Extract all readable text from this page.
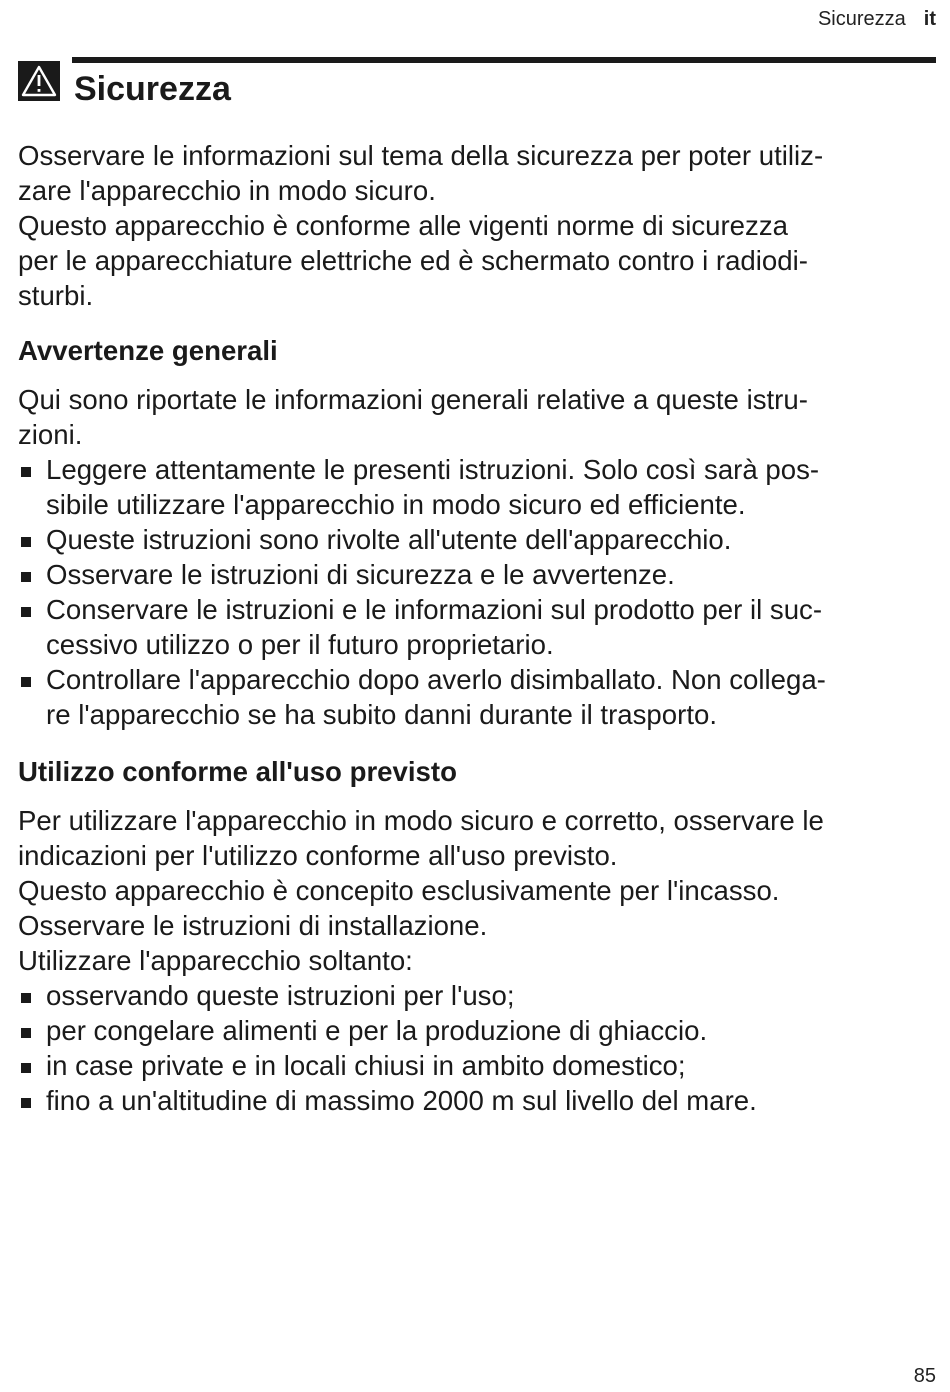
Sicurezza it
Sicurezza

Osservare le informazioni sul tema della sicurezza per poter utiliz-

zare l'apparecchio in modo sicuro.

Questo apparecchio è conforme alle vigenti norme di sicurezza

per le apparecchiature elettriche ed è schermato contro i radiodi-

sturbi.

Avvertenze generali

Qui sono riportate le informazioni generali relative a queste istru-

zioni.

Leggere attentamente le presenti istruzioni. Solo così sarà pos-
sibile utilizzare l'apparecchio in modo sicuro ed efficiente.
Queste istruzioni sono rivolte all'utente dell'apparecchio.
Osservare le istruzioni di sicurezza e le avvertenze.
Conservare le istruzioni e le informazioni sul prodotto per il suc-
cessivo utilizzo o per il futuro proprietario.
Controllare l'apparecchio dopo averlo disimballato. Non collega-
re l'apparecchio se ha subito danni durante il trasporto.
Utilizzo conforme all'uso previsto

Per utilizzare l'apparecchio in modo sicuro e corretto, osservare le

indicazioni per l'utilizzo conforme all'uso previsto.

Questo apparecchio è concepito esclusivamente per l'incasso.

Osservare le istruzioni di installazione.

Utilizzare l'apparecchio soltanto:

osservando queste istruzioni per l'uso;
per congelare alimenti e per la produzione di ghiaccio.
in case private e in locali chiusi in ambito domestico;
fino a un'altitudine di massimo 2000 m sul livello del mare.
85
